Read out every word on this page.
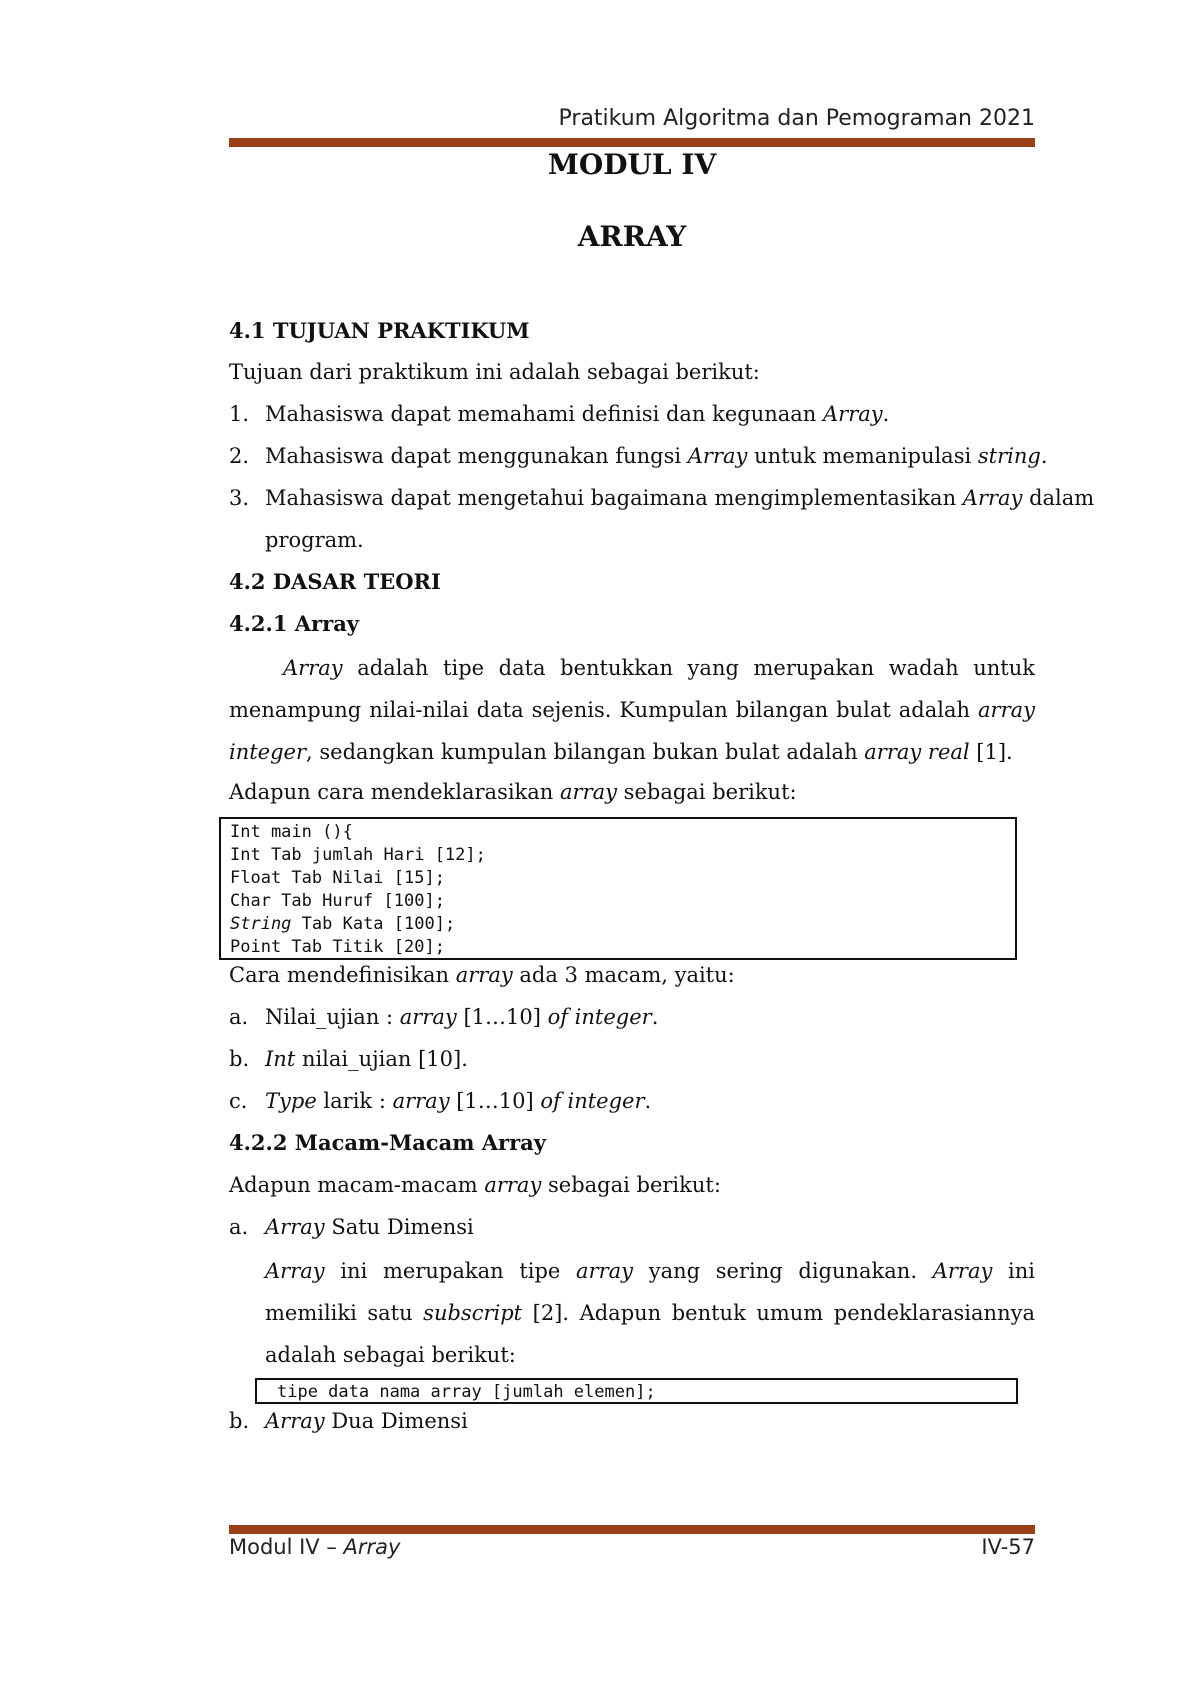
Pratikum Algoritma dan Pemograman 2021
MODUL IV
ARRAY
4.1 TUJUAN PRAKTIKUM
Tujuan dari praktikum ini adalah sebagai berikut:
1. Mahasiswa dapat memahami definisi dan kegunaan Array.
2. Mahasiswa dapat menggunakan fungsi Array untuk memanipulasi string.
3. Mahasiswa dapat mengetahui bagaimana mengimplementasikan Array dalam
program.
4.2 DASAR TEORI
4.2.1 Array
Array adalah tipe data bentukkan yang merupakan wadah untuk menampung nilai-nilai data sejenis. Kumpulan bilangan bulat adalah array integer, sedangkan kumpulan bilangan bukan bulat adalah array real [1].
Adapun cara mendeklarasikan array sebagai berikut:
Int main (){
Int Tab jumlah Hari [12];
Float Tab Nilai [15];
Char Tab Huruf [100];
String Tab Kata [100];
Point Tab Titik [20];
Cara mendefinisikan array ada 3 macam, yaitu:
a. Nilai_ujian : array [1…10] of integer.
b. Int nilai_ujian [10].
c. Type larik : array [1…10] of integer.
4.2.2 Macam-Macam Array
Adapun macam-macam array sebagai berikut:
a. Array Satu Dimensi
Array ini merupakan tipe array yang sering digunakan. Array ini memiliki satu subscript [2]. Adapun bentuk umum pendeklarasiannya adalah sebagai berikut:
tipe data nama array [jumlah elemen];
b. Array Dua Dimensi
Modul IV – Array	IV-57
